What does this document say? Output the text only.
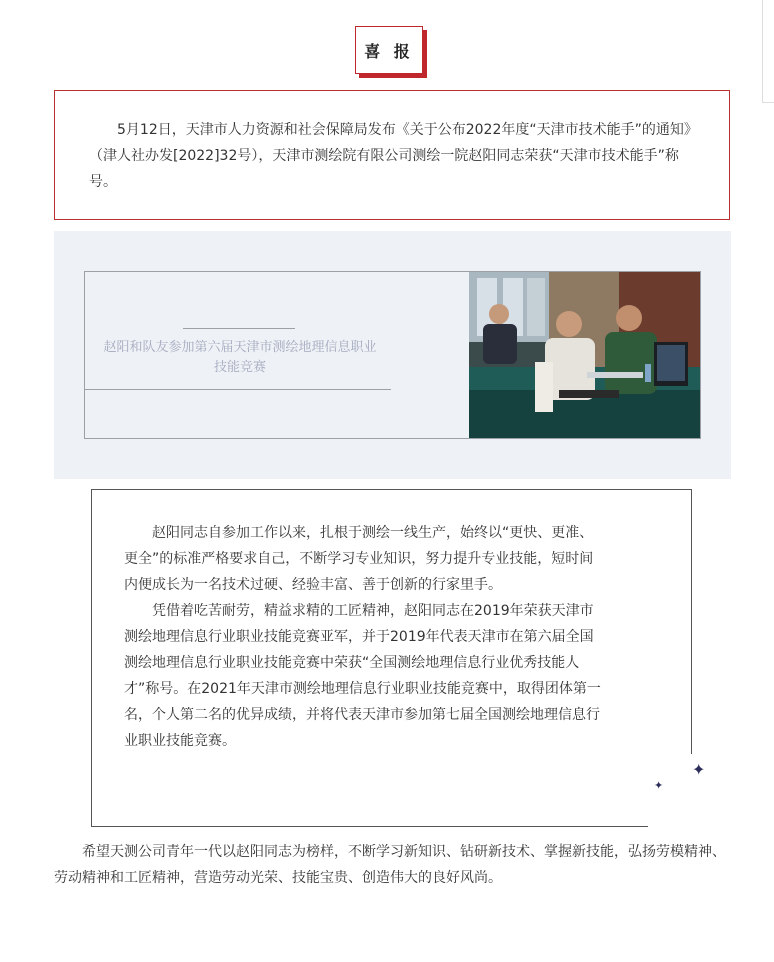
喜 报

5月12日，天津市人力资源和社会保障局发布《关于公布2022年度“天津市技术能手”的通知》（津人社办发[2022]32号），天津市测绘院有限公司测绘一院赵阳同志荣获“天津市技术能手”称号。

赵阳和队友参加第六届天津市测绘地理信息职业
技能竞赛

赵阳同志自参加工作以来，扎根于测绘一线生产，始终以“更快、更准、更全”的标准严格要求自己，不断学习专业知识，努力提升专业技能，短时间内便成长为一名技术过硬、经验丰富、善于创新的行家里手。

凭借着吃苦耐劳，精益求精的工匠精神，赵阳同志在2019年荣获天津市测绘地理信息行业职业技能竞赛亚军，并于2019年代表天津市在第六届全国测绘地理信息行业职业技能竞赛中荣获“全国测绘地理信息行业优秀技能人才”称号。在2021年天津市测绘地理信息行业职业技能竞赛中，取得团体第一名，个人第二名的优异成绩，并将代表天津市参加第七届全国测绘地理信息行业职业技能竞赛。

✦
✦

希望天测公司青年一代以赵阳同志为榜样，不断学习新知识、钻研新技术、掌握新技能，弘扬劳模精神、劳动精神和工匠精神，营造劳动光荣、技能宝贵、创造伟大的良好风尚。
